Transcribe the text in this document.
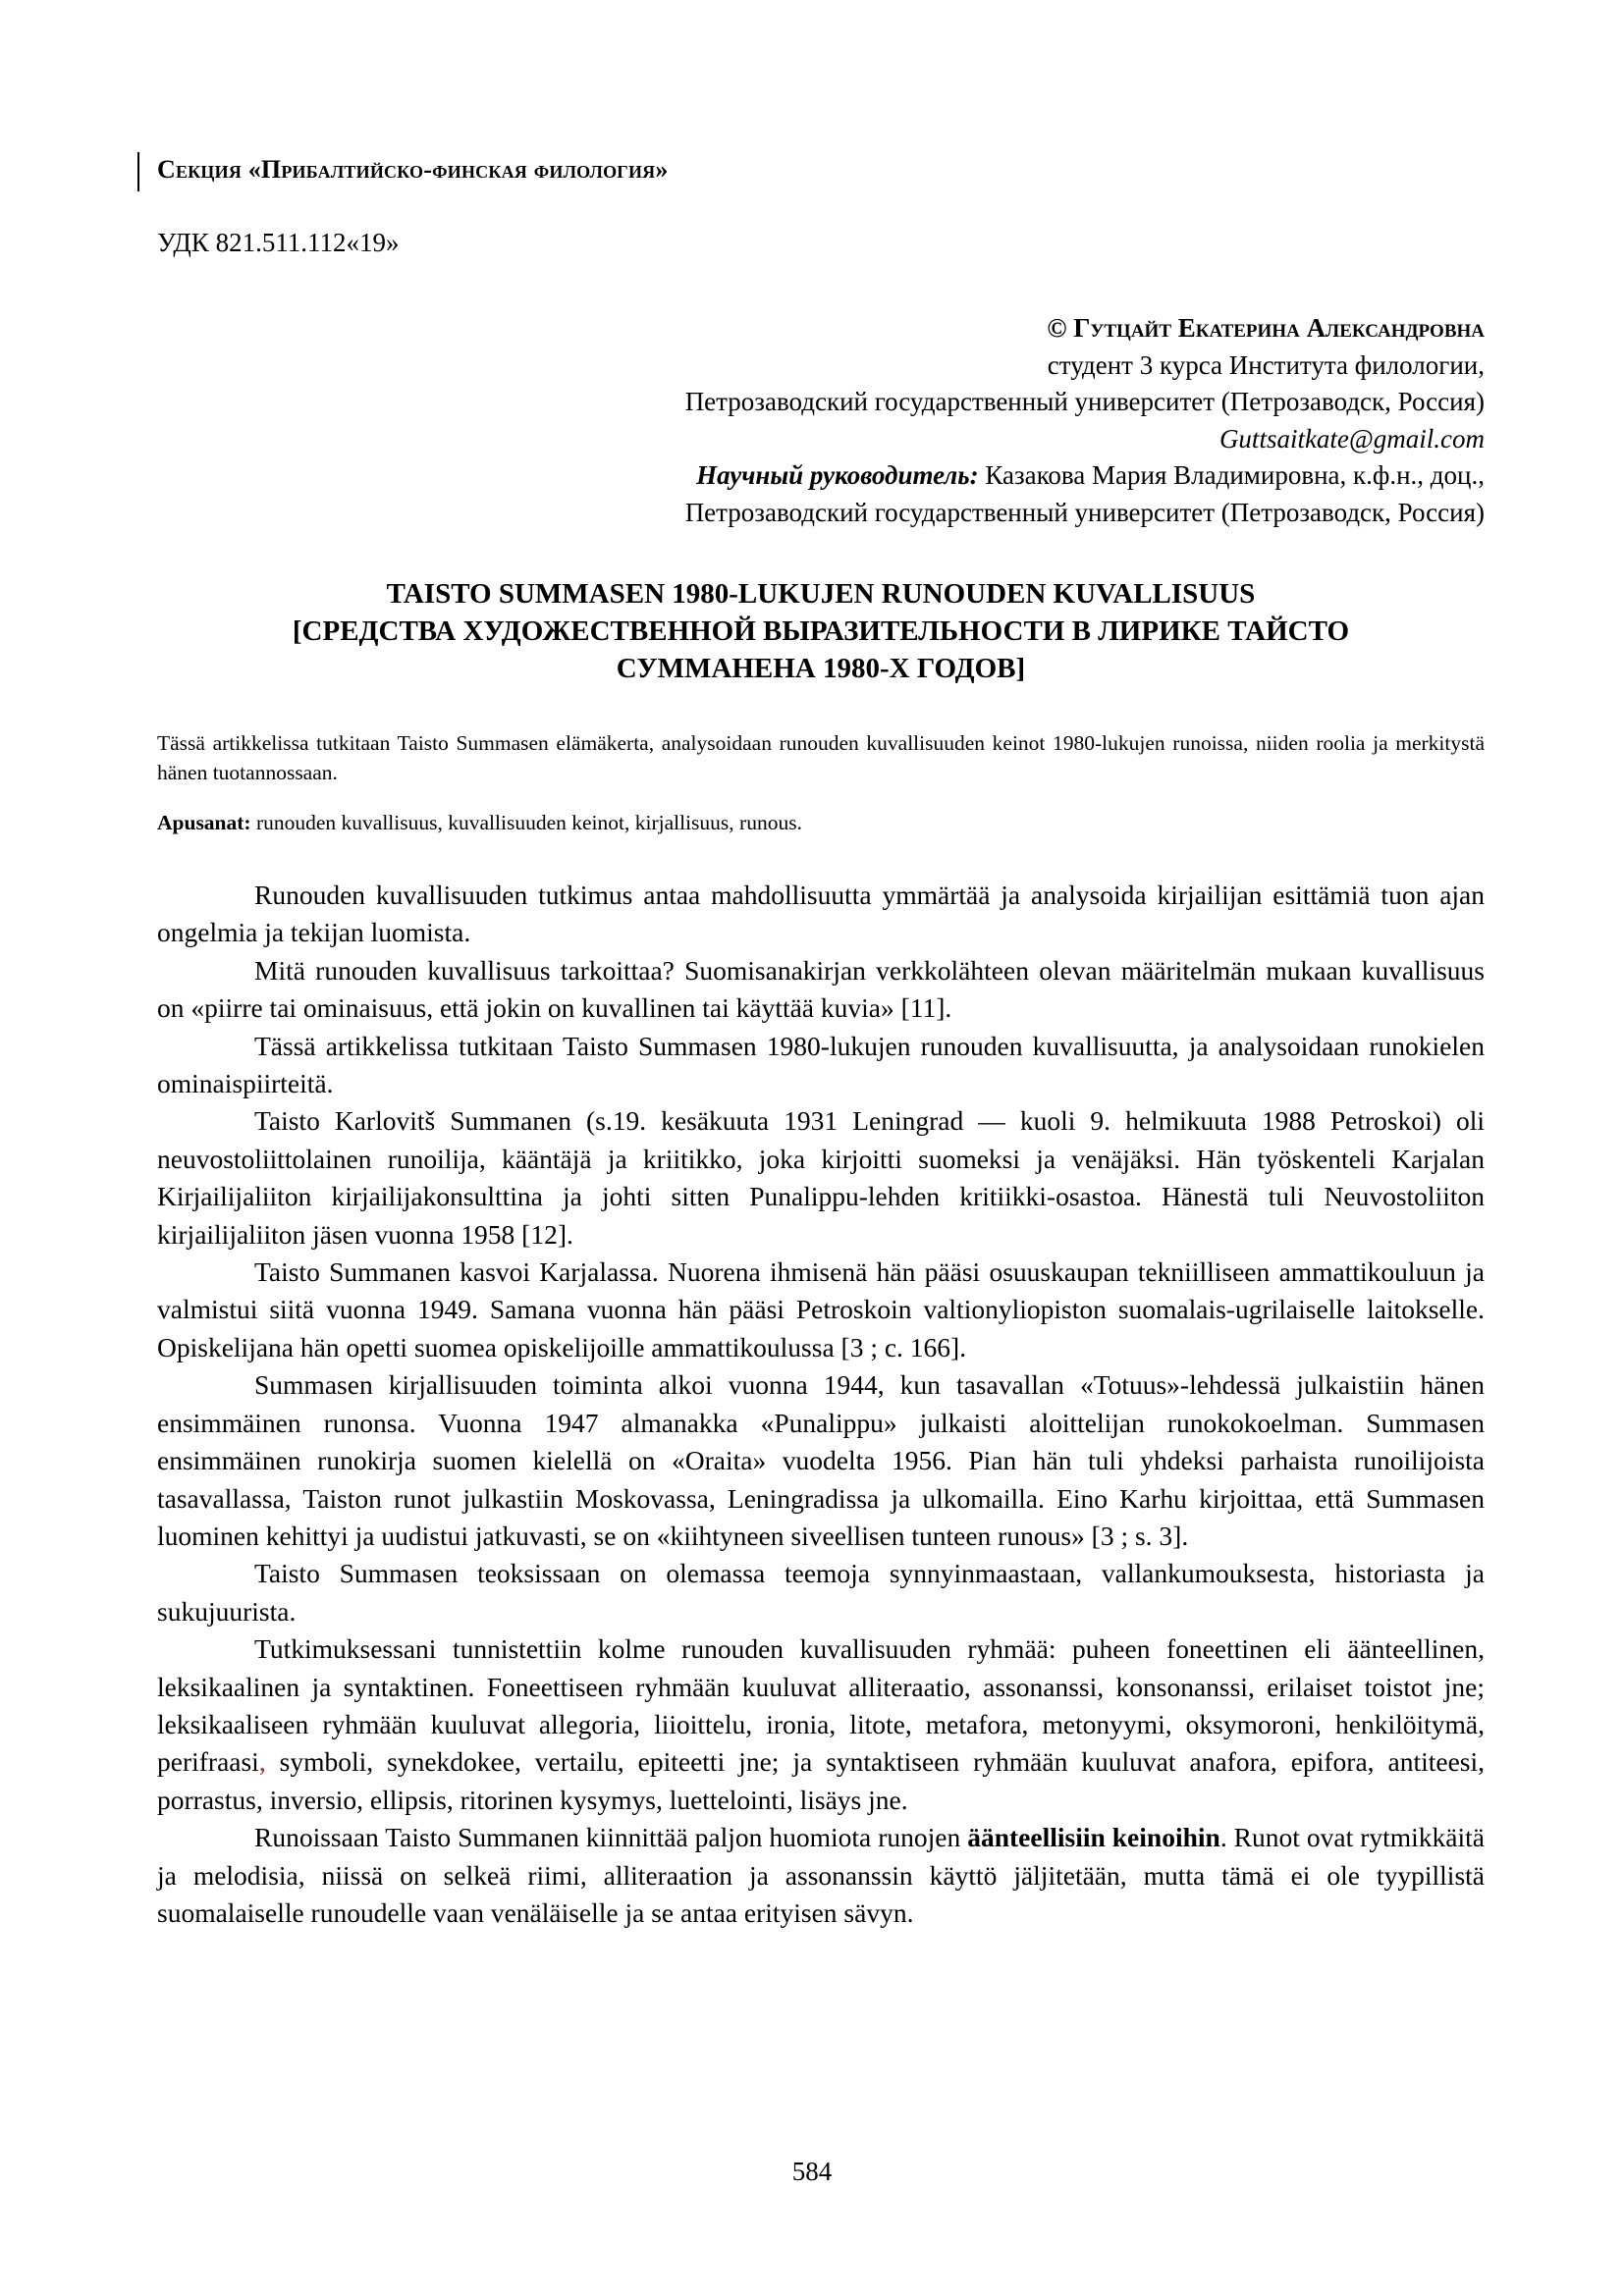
Секция «Прибалтийско-финская филология»
УДК 821.511.112«19»
© Гутцайт Екатерина Александровна
студент 3 курса Института филологии,
Петрозаводский государственный университет (Петрозаводск, Россия)
Guttsaitkate@gmail.com
Научный руководитель: Казакова Мария Владимировна, к.ф.н., доц.,
Петрозаводский государственный университет (Петрозаводск, Россия)
TAISTO SUMMASEN 1980-LUKUJEN RUNOUDEN KUVALLISUUS
[СРЕДСТВА ХУДОЖЕСТВЕННОЙ ВЫРАЗИТЕЛЬНОСТИ В ЛИРИКЕ ТАЙСТО
СУММАНЕНА 1980-Х ГОДОВ]
Tässä artikkelissa tutkitaan Taisto Summasen elämäkerta, analysoidaan runouden kuvallisuuden keinot 1980-lukujen runoissa, niiden roolia ja merkitystä hänen tuotannossaan.
Apusanat: runouden kuvallisuus, kuvallisuuden keinot, kirjallisuus, runous.

Runouden kuvallisuuden tutkimus antaa mahdollisuutta ymmärtää ja analysoida kirjailijan esittämiä tuon ajan ongelmia ja tekijan luomista.

Mitä runouden kuvallisuus tarkoittaa? Suomisanakirjan verkkolähteen olevan määritelmän mukaan kuvallisuus on «piirre tai ominaisuus, että jokin on kuvallinen tai käyttää kuvia» [11].

Tässä artikkelissa tutkitaan Taisto Summasen 1980-lukujen runouden kuvallisuutta, ja analysoidaan runokielen ominaispiirteitä.

Taisto Karlovitš Summanen (s.19. kesäkuuta 1931 Leningrad — kuoli 9. helmikuuta 1988 Petroskoi) oli neuvostoliittolainen runoilija, kääntäjä ja kriitikko, joka kirjoitti suomeksi ja venäjäksi. Hän työskenteli Karjalan Kirjailijaliiton kirjailijakonsulttina ja johti sitten Punalippu-lehden kritiikki-osastoa. Hänestä tuli Neuvostoliiton kirjailijaliiton jäsen vuonna 1958 [12].

Taisto Summanen kasvoi Karjalassa. Nuorena ihmisenä hän pääsi osuuskaupan tekniilliseen ammattikouluun ja valmistui siitä vuonna 1949. Samana vuonna hän pääsi Petroskoin valtionyliopiston suomalais-ugrilaiselle laitokselle. Opiskelijana hän opetti suomea opiskelijoille ammattikoulussa [3 ; c. 166].

Summasen kirjallisuuden toiminta alkoi vuonna 1944, kun tasavallan «Totuus»-lehdessä julkaistiin hänen ensimmäinen runonsa. Vuonna 1947 almanakka «Punalippu» julkaisti aloittelijan runokokoelman. Summasen ensimmäinen runokirja suomen kielellä on «Oraita» vuodelta 1956. Pian hän tuli yhdeksi parhaista runoilijoista tasavallassa, Taiston runot julkastiin Moskovassa, Leningradissa ja ulkomailla. Eino Karhu kirjoittaa, että Summasen luominen kehittyi ja uudistui jatkuvasti, se on «kiihtyneen siveellisen tunteen runous» [3 ; s. 3].

Taisto Summasen teoksissaan on olemassa teemoja synnyinmaastaan, vallankumouksesta, historiasta ja sukujuurista.

Tutkimuksessani tunnistettiin kolme runouden kuvallisuuden ryhmää: puheen foneettinen eli äänteellinen, leksikaalinen ja syntaktinen. Foneettiseen ryhmään kuuluvat alliteraatio, assonanssi, konsonanssi, erilaiset toistot jne; leksikaaliseen ryhmään kuuluvat allegoria, liioittelu, ironia, litote, metafora, metonyymi, oksymoroni, henkilöitymä, perifraasi, symboli, synekdokee, vertailu, epiteetti jne; ja syntaktiseen ryhmään kuuluvat anafora, epifora, antiteesi, porrastus, inversio, ellipsis, ritorinen kysymys, luettelointi, lisäys jne.

Runoissaan Taisto Summanen kiinnittää paljon huomiota runojen äänteellisiin keinoihin. Runot ovat rytmikkäitä ja melodisia, niissä on selkeä riimi, alliteraation ja assonanssin käyttö jäljitetään, mutta tämä ei ole tyypillistä suomalaiselle runoudelle vaan venäläiselle ja se antaa erityisen sävyn.

584
